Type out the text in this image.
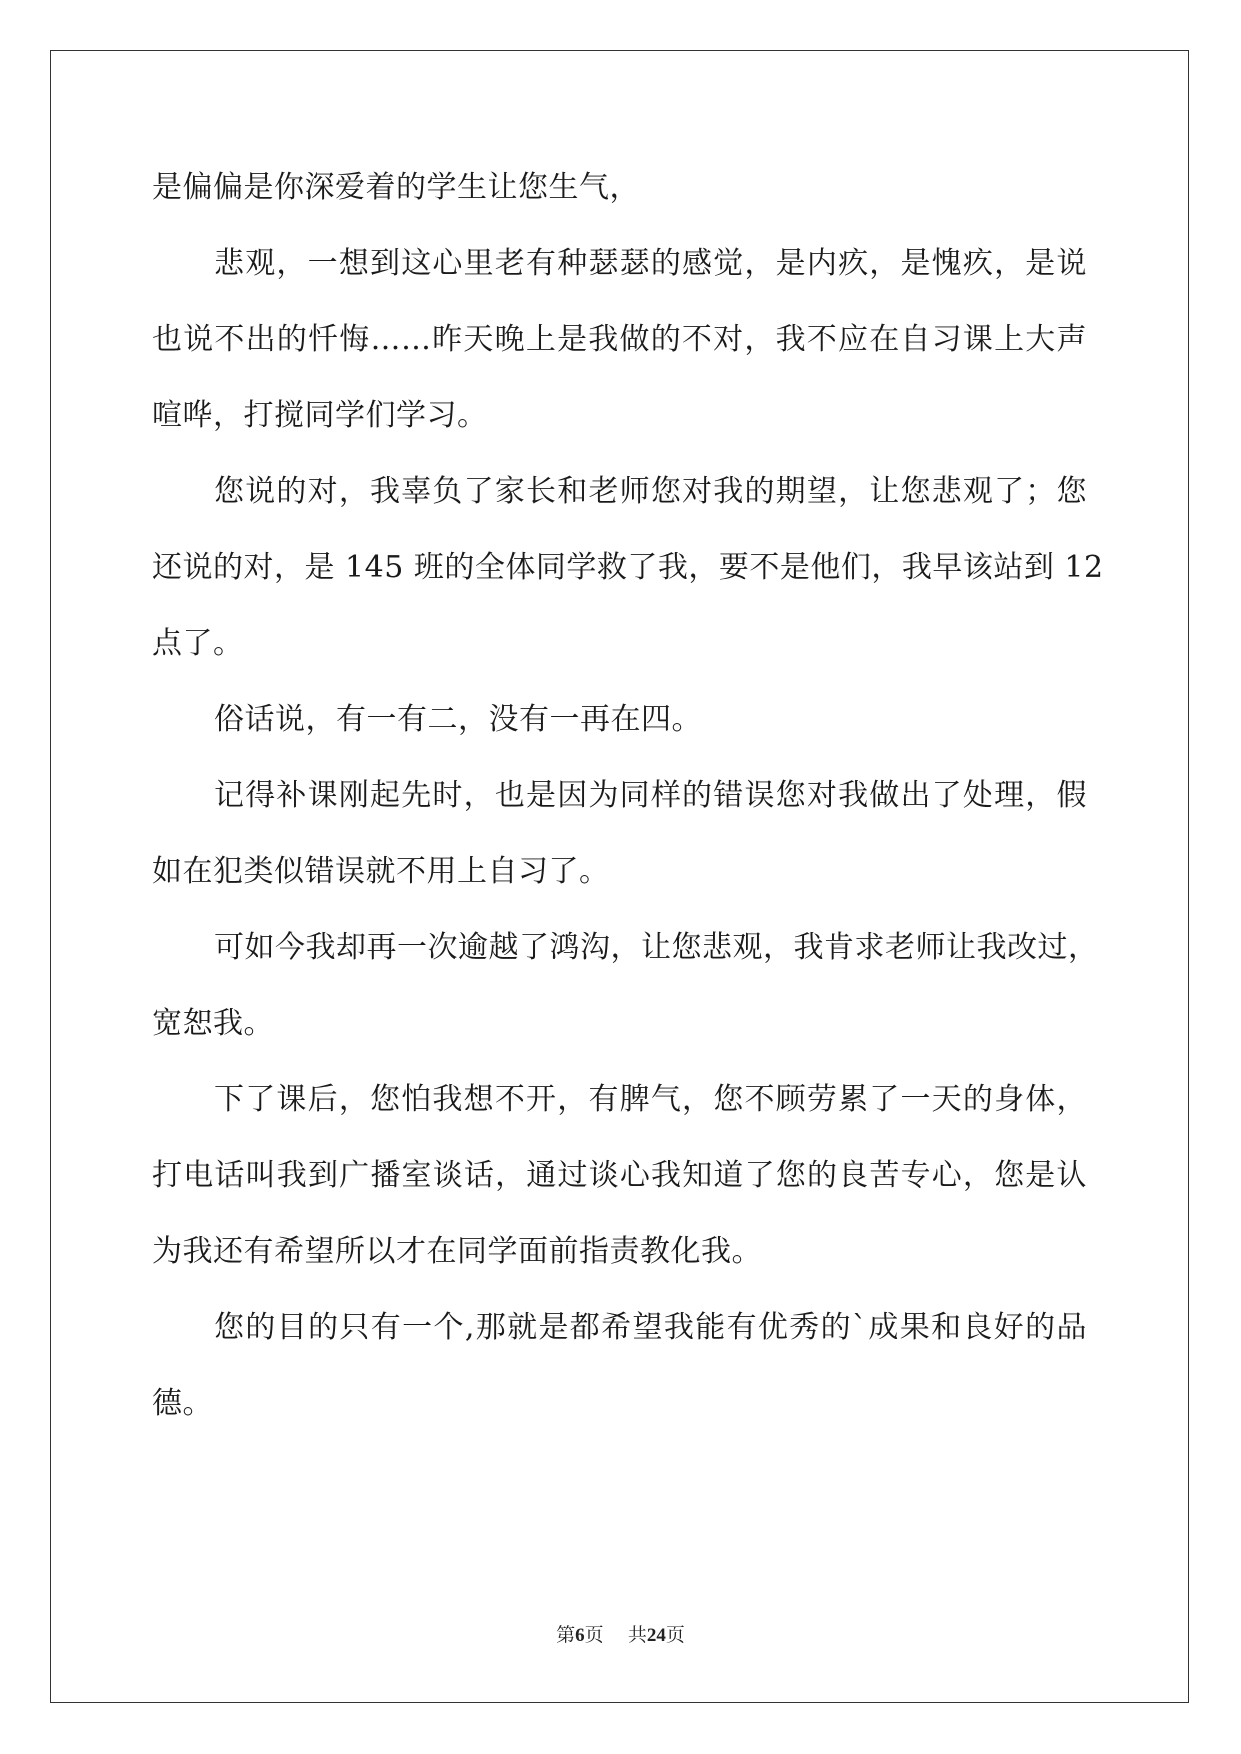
是偏偏是你深爱着的学生让您生气，
悲观，一想到这心里老有种瑟瑟的感觉，是内疚，是愧疚，是说
也说不出的忏悔……昨天晚上是我做的不对，我不应在自习课上大声
喧哗，打搅同学们学习。
您说的对，我辜负了家长和老师您对我的期望，让您悲观了；您
还说的对，是 145 班的全体同学救了我，要不是他们，我早该站到 12
点了。
俗话说，有一有二，没有一再在四。
记得补课刚起先时，也是因为同样的错误您对我做出了处理，假
如在犯类似错误就不用上自习了。
可如今我却再一次逾越了鸿沟，让您悲观，我肯求老师让我改过，
宽恕我。
下了课后，您怕我想不开，有脾气，您不顾劳累了一天的身体，
打电话叫我到广播室谈话，通过谈心我知道了您的良苦专心，您是认
为我还有希望所以才在同学面前指责教化我。
您的目的只有一个,那就是都希望我能有优秀的`成果和良好的品
德。
第6页 共24页
